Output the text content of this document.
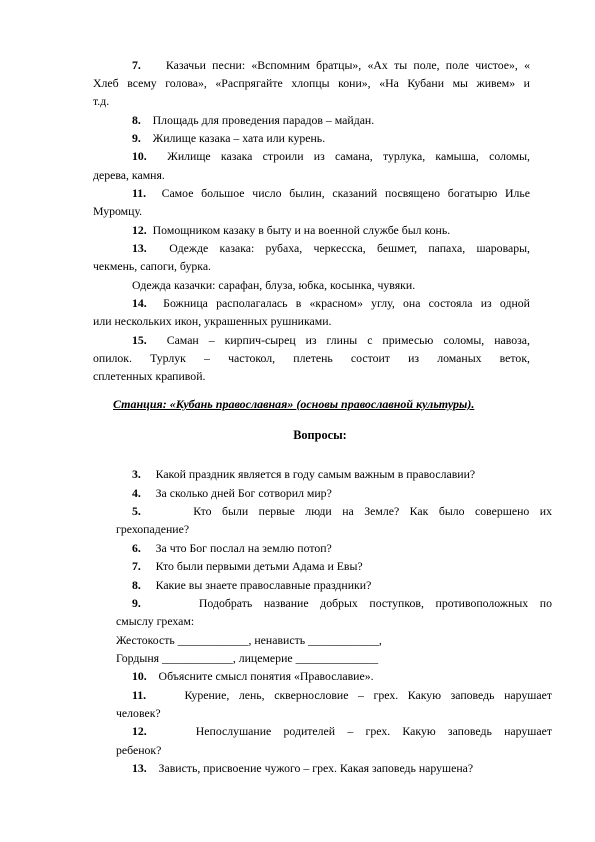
7. Казачьи песни: «Вспомним братцы», «Ах ты поле, поле чистое», «

Хлеб всему голова», «Распрягайте хлопцы кони», «На Кубани мы живем» и

т.д.

8. Площадь для проведения парадов – майдан.

9. Жилище казака – хата или курень.

10. Жилище казака строили из самана, турлука, камыша, соломы,

дерева, камня.

11. Самое большое число былин, сказаний посвящено богатырю Илье

Муромцу.

12. Помощником казаку в быту и на военной службе был конь.

13. Одежде казака: рубаха, черкесска, бешмет, папаха, шаровары,

чекмень, сапоги, бурка.

Одежда казачки: сарафан, блуза, юбка, косынка, чувяки.

14. Божница располагалась в «красном» углу, она состояла из одной

или нескольких икон, украшенных рушниками.

15. Саман – кирпич-сырец из глины с примесью соломы, навоза,

опилок. Турлук – частокол, плетень состоит из ломаных веток,

сплетенных крапивой.

Станция: «Кубань православная» (основы православной культуры).
Вопросы:

3. Какой праздник является в году самым важным в православии?

4. За сколько дней Бог сотворил мир?

5.	Кто были первые люди на Земле? Как было совершено их

грехопадение?

6. За что Бог послал на землю потоп?

7. Кто были первыми детьми Адама и Евы?

8. Какие вы знаете православные праздники?

9.	Подобрать название добрых поступков, противоположных по

смыслу грехам:

Жестокость ____________, ненависть ____________,

Гордыня ____________, лицемерие ______________

10. Объясните смысл понятия «Православие».

11.	Курение, лень, сквернословие – грех. Какую заповедь нарушает

человек?

12.	Непослушание родителей – грех. Какую заповедь нарушает

ребенок?

13. Зависть, присвоение чужого – грех. Какая заповедь нарушена?
